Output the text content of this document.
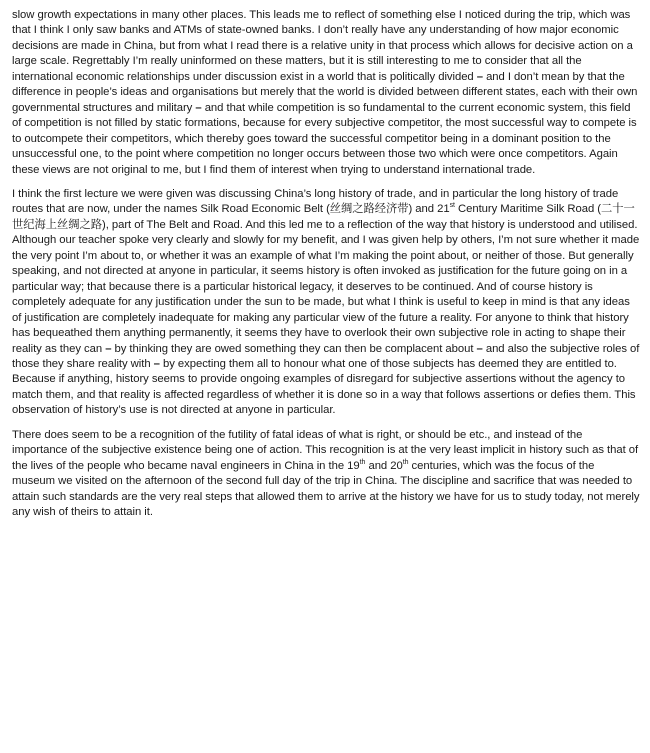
slow growth expectations in many other places. This leads me to reflect of something else I noticed during the trip, which was that I think I only saw banks and ATMs of state-owned banks. I don’t really have any understanding of how major economic decisions are made in China, but from what I read there is a relative unity in that process which allows for decisive action on a large scale. Regrettably I’m really uninformed on these matters, but it is still interesting to me to consider that all the international economic relationships under discussion exist in a world that is politically divided – and I don’t mean by that the difference in people’s ideas and organisations but merely that the world is divided between different states, each with their own governmental structures and military – and that while competition is so fundamental to the current economic system, this field of competition is not filled by static formations, because for every subjective competitor, the most successful way to compete is to outcompete their competitors, which thereby goes toward the successful competitor being in a dominant position to the unsuccessful one, to the point where competition no longer occurs between those two which were once competitors. Again these views are not original to me, but I find them of interest when trying to understand international trade.

I think the first lecture we were given was discussing China’s long history of trade, and in particular the long history of trade routes that are now, under the names Silk Road Economic Belt (丝绸之路经济带) and 21st Century Maritime Silk Road (二十一世纪海上丝绸之路), part of The Belt and Road. And this led me to a reflection of the way that history is understood and utilised. Although our teacher spoke very clearly and slowly for my benefit, and I was given help by others, I’m not sure whether it made the very point I’m about to, or whether it was an example of what I’m making the point about, or neither of those. But generally speaking, and not directed at anyone in particular, it seems history is often invoked as justification for the future going on in a particular way; that because there is a particular historical legacy, it deserves to be continued. And of course history is completely adequate for any justification under the sun to be made, but what I think is useful to keep in mind is that any ideas of justification are completely inadequate for making any particular view of the future a reality. For anyone to think that history has bequeathed them anything permanently, it seems they have to overlook their own subjective role in acting to shape their reality as they can – by thinking they are owed something they can then be complacent about – and also the subjective roles of those they share reality with – by expecting them all to honour what one of those subjects has deemed they are entitled to. Because if anything, history seems to provide ongoing examples of disregard for subjective assertions without the agency to match them, and that reality is affected regardless of whether it is done so in a way that follows assertions or defies them. This observation of history’s use is not directed at anyone in particular.

There does seem to be a recognition of the futility of fatal ideas of what is right, or should be etc., and instead of the importance of the subjective existence being one of action. This recognition is at the very least implicit in history such as that of the lives of the people who became naval engineers in China in the 19th and 20th centuries, which was the focus of the museum we visited on the afternoon of the second full day of the trip in China. The discipline and sacrifice that was needed to attain such standards are the very real steps that allowed them to arrive at the history we have for us to study today, not merely any wish of theirs to attain it.
